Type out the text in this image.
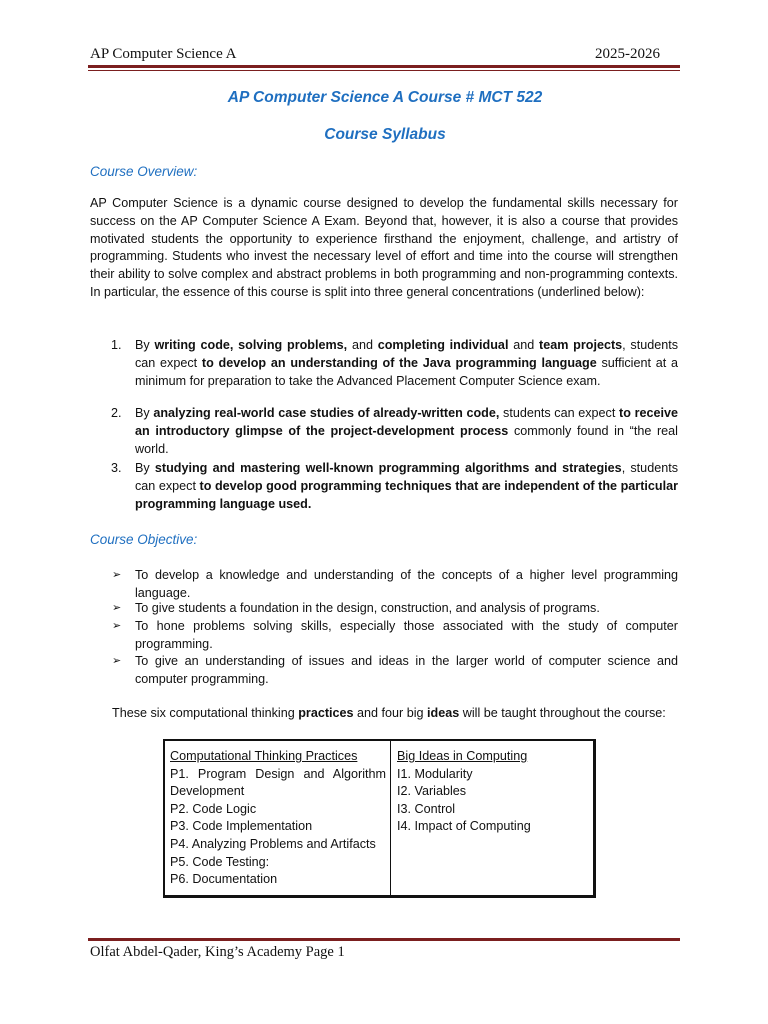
AP Computer Science A	2025-2026
AP Computer Science A Course # MCT 522
Course Syllabus
Course Overview:

AP Computer Science is a dynamic course designed to develop the fundamental skills necessary for success on the AP Computer Science A Exam. Beyond that, however, it is also a course that provides motivated students the opportunity to experience firsthand the enjoyment, challenge, and artistry of programming. Students who invest the necessary level of effort and time into the course will strengthen their ability to solve complex and abstract problems in both programming and non-programming contexts. In particular, the essence of this course is split into three general concentrations (underlined below):

1. By writing code, solving problems, and completing individual and team projects, students can expect to develop an understanding of the Java programming language sufficient at a minimum for preparation to take the Advanced Placement Computer Science exam.
2. By analyzing real-world case studies of already-written code, students can expect to receive an introductory glimpse of the project-development process commonly found in “the real world.
3. By studying and mastering well-known programming algorithms and strategies, students can expect to develop good programming techniques that are independent of the particular programming language used.
Course Objective:
➢ To develop a knowledge and understanding of the concepts of a higher level programming language.
➢ To give students a foundation in the design, construction, and analysis of programs.
➢ To hone problems solving skills, especially those associated with the study of computer programming.
➢ To give an understanding of issues and ideas in the larger world of computer science and computer programming.
These six computational thinking practices and four big ideas will be taught throughout the course:
Computational Thinking Practices
P1. Program Design and Algorithm
Development
P2. Code Logic
P3. Code Implementation
P4. Analyzing Problems and Artifacts
P5. Code Testing:
P6. Documentation
Big Ideas in Computing
I1. Modularity
I2. Variables
I3. Control
I4. Impact of Computing
Olfat Abdel-Qader, King’s Academy Page 1
